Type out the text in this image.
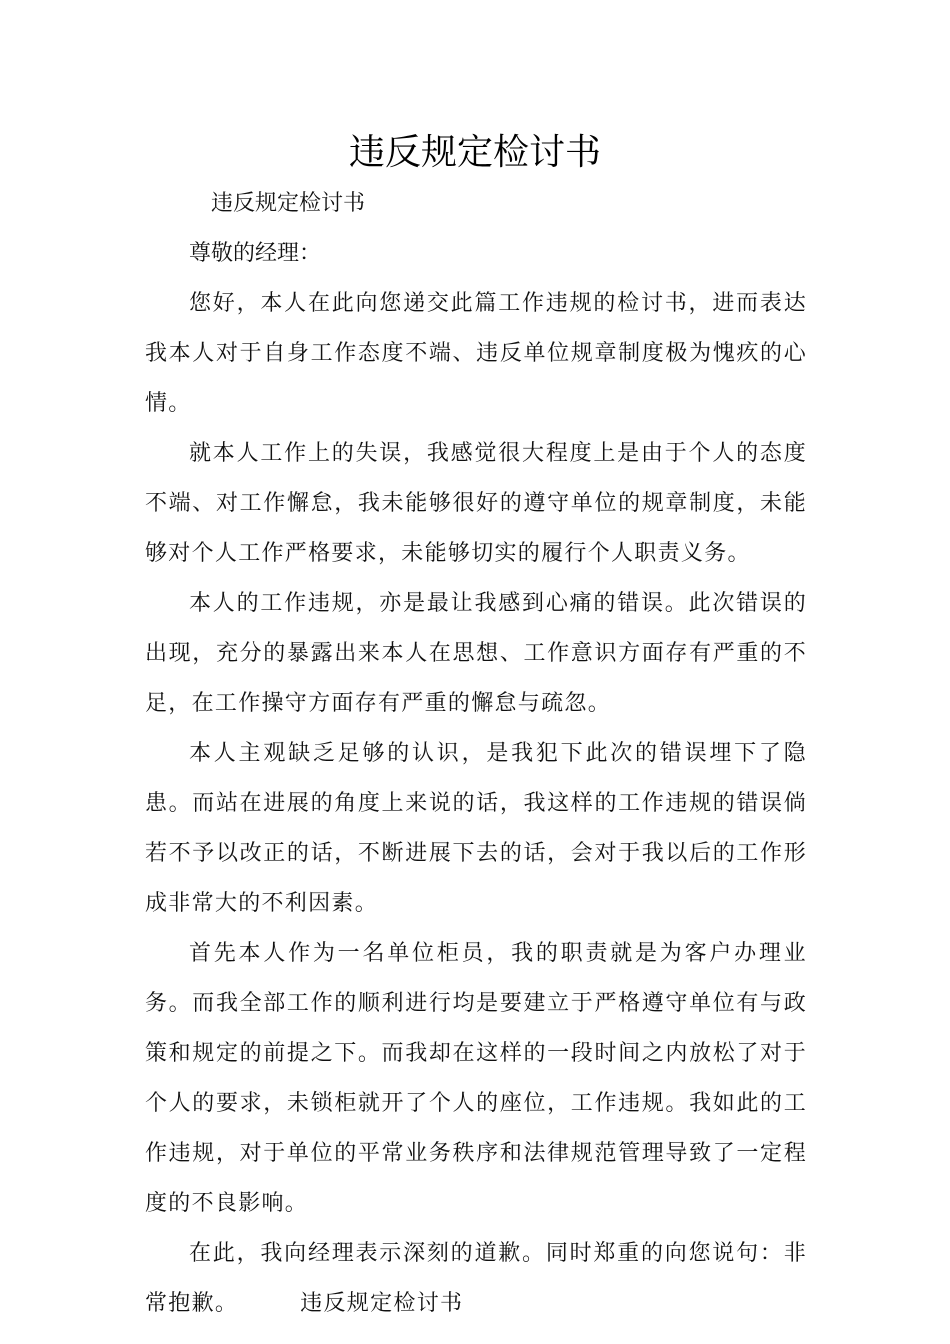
违反规定检讨书

违反规定检讨书

尊敬的经理：

您好，本人在此向您递交此篇工作违规的检讨书，进而表达我本人对于自身工作态度不端、违反单位规章制度极为愧疚的心情。

就本人工作上的失误，我感觉很大程度上是由于个人的态度不端、对工作懈怠，我未能够很好的遵守单位的规章制度，未能够对个人工作严格要求，未能够切实的履行个人职责义务。

本人的工作违规，亦是最让我感到心痛的错误。此次错误的出现，充分的暴露出来本人在思想、工作意识方面存有严重的不足，在工作操守方面存有严重的懈怠与疏忽。

本人主观缺乏足够的认识，是我犯下此次的错误埋下了隐患。而站在进展的角度上来说的话，我这样的工作违规的错误倘若不予以改正的话，不断进展下去的话，会对于我以后的工作形成非常大的不利因素。

首先本人作为一名单位柜员，我的职责就是为客户办理业务。而我全部工作的顺利进行均是要建立于严格遵守单位有与政策和规定的前提之下。而我却在这样的一段时间之内放松了对于个人的要求，未锁柜就开了个人的座位，工作违规。我如此的工作违规，对于单位的平常业务秩序和法律规范管理导致了一定程度的不良影响。

在此，我向经理表示深刻的道歉。同时郑重的向您说句：非常抱歉。	违反规定检讨书
